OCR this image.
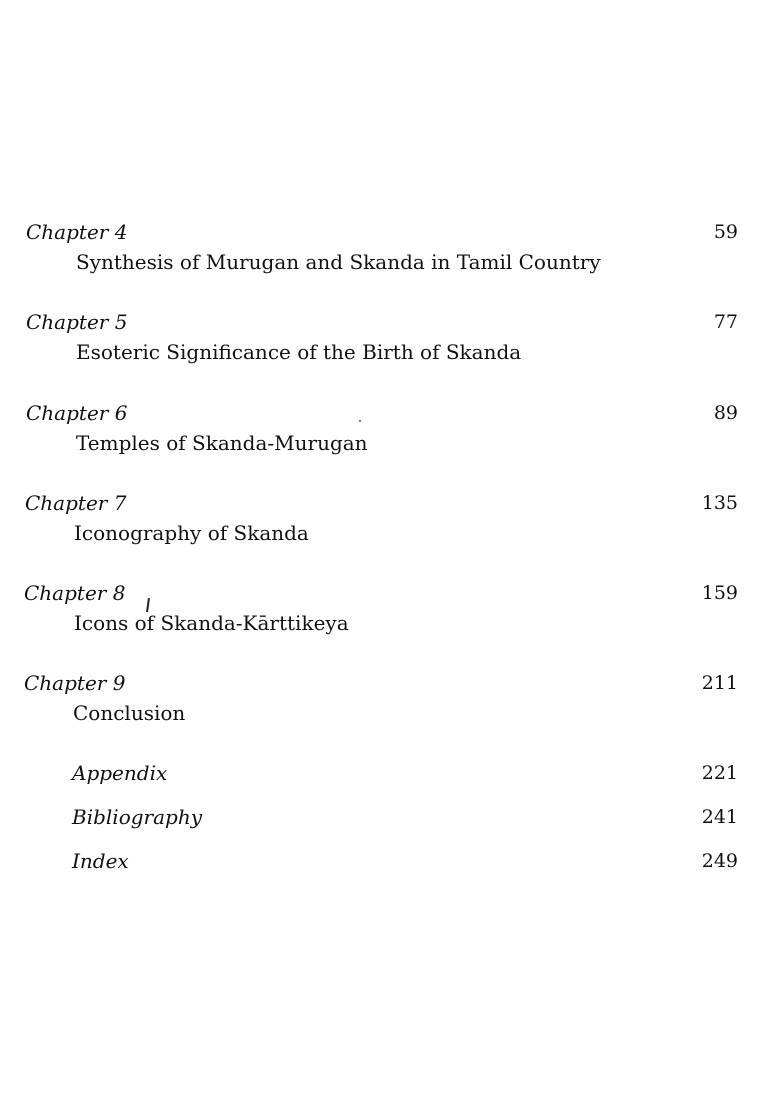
Chapter 4	59
Synthesis of Murugan and Skanda in Tamil Country
Chapter 5	77
Esoteric Significance of the Birth of Skanda
Chapter 6	89
Temples of Skanda-Murugan
Chapter 7	135
Iconography of Skanda
Chapter 8	159
Icons of Skanda-Kārttikeya
Chapter 9	211
Conclusion
Appendix	221
Bibliography	241
Index	249
